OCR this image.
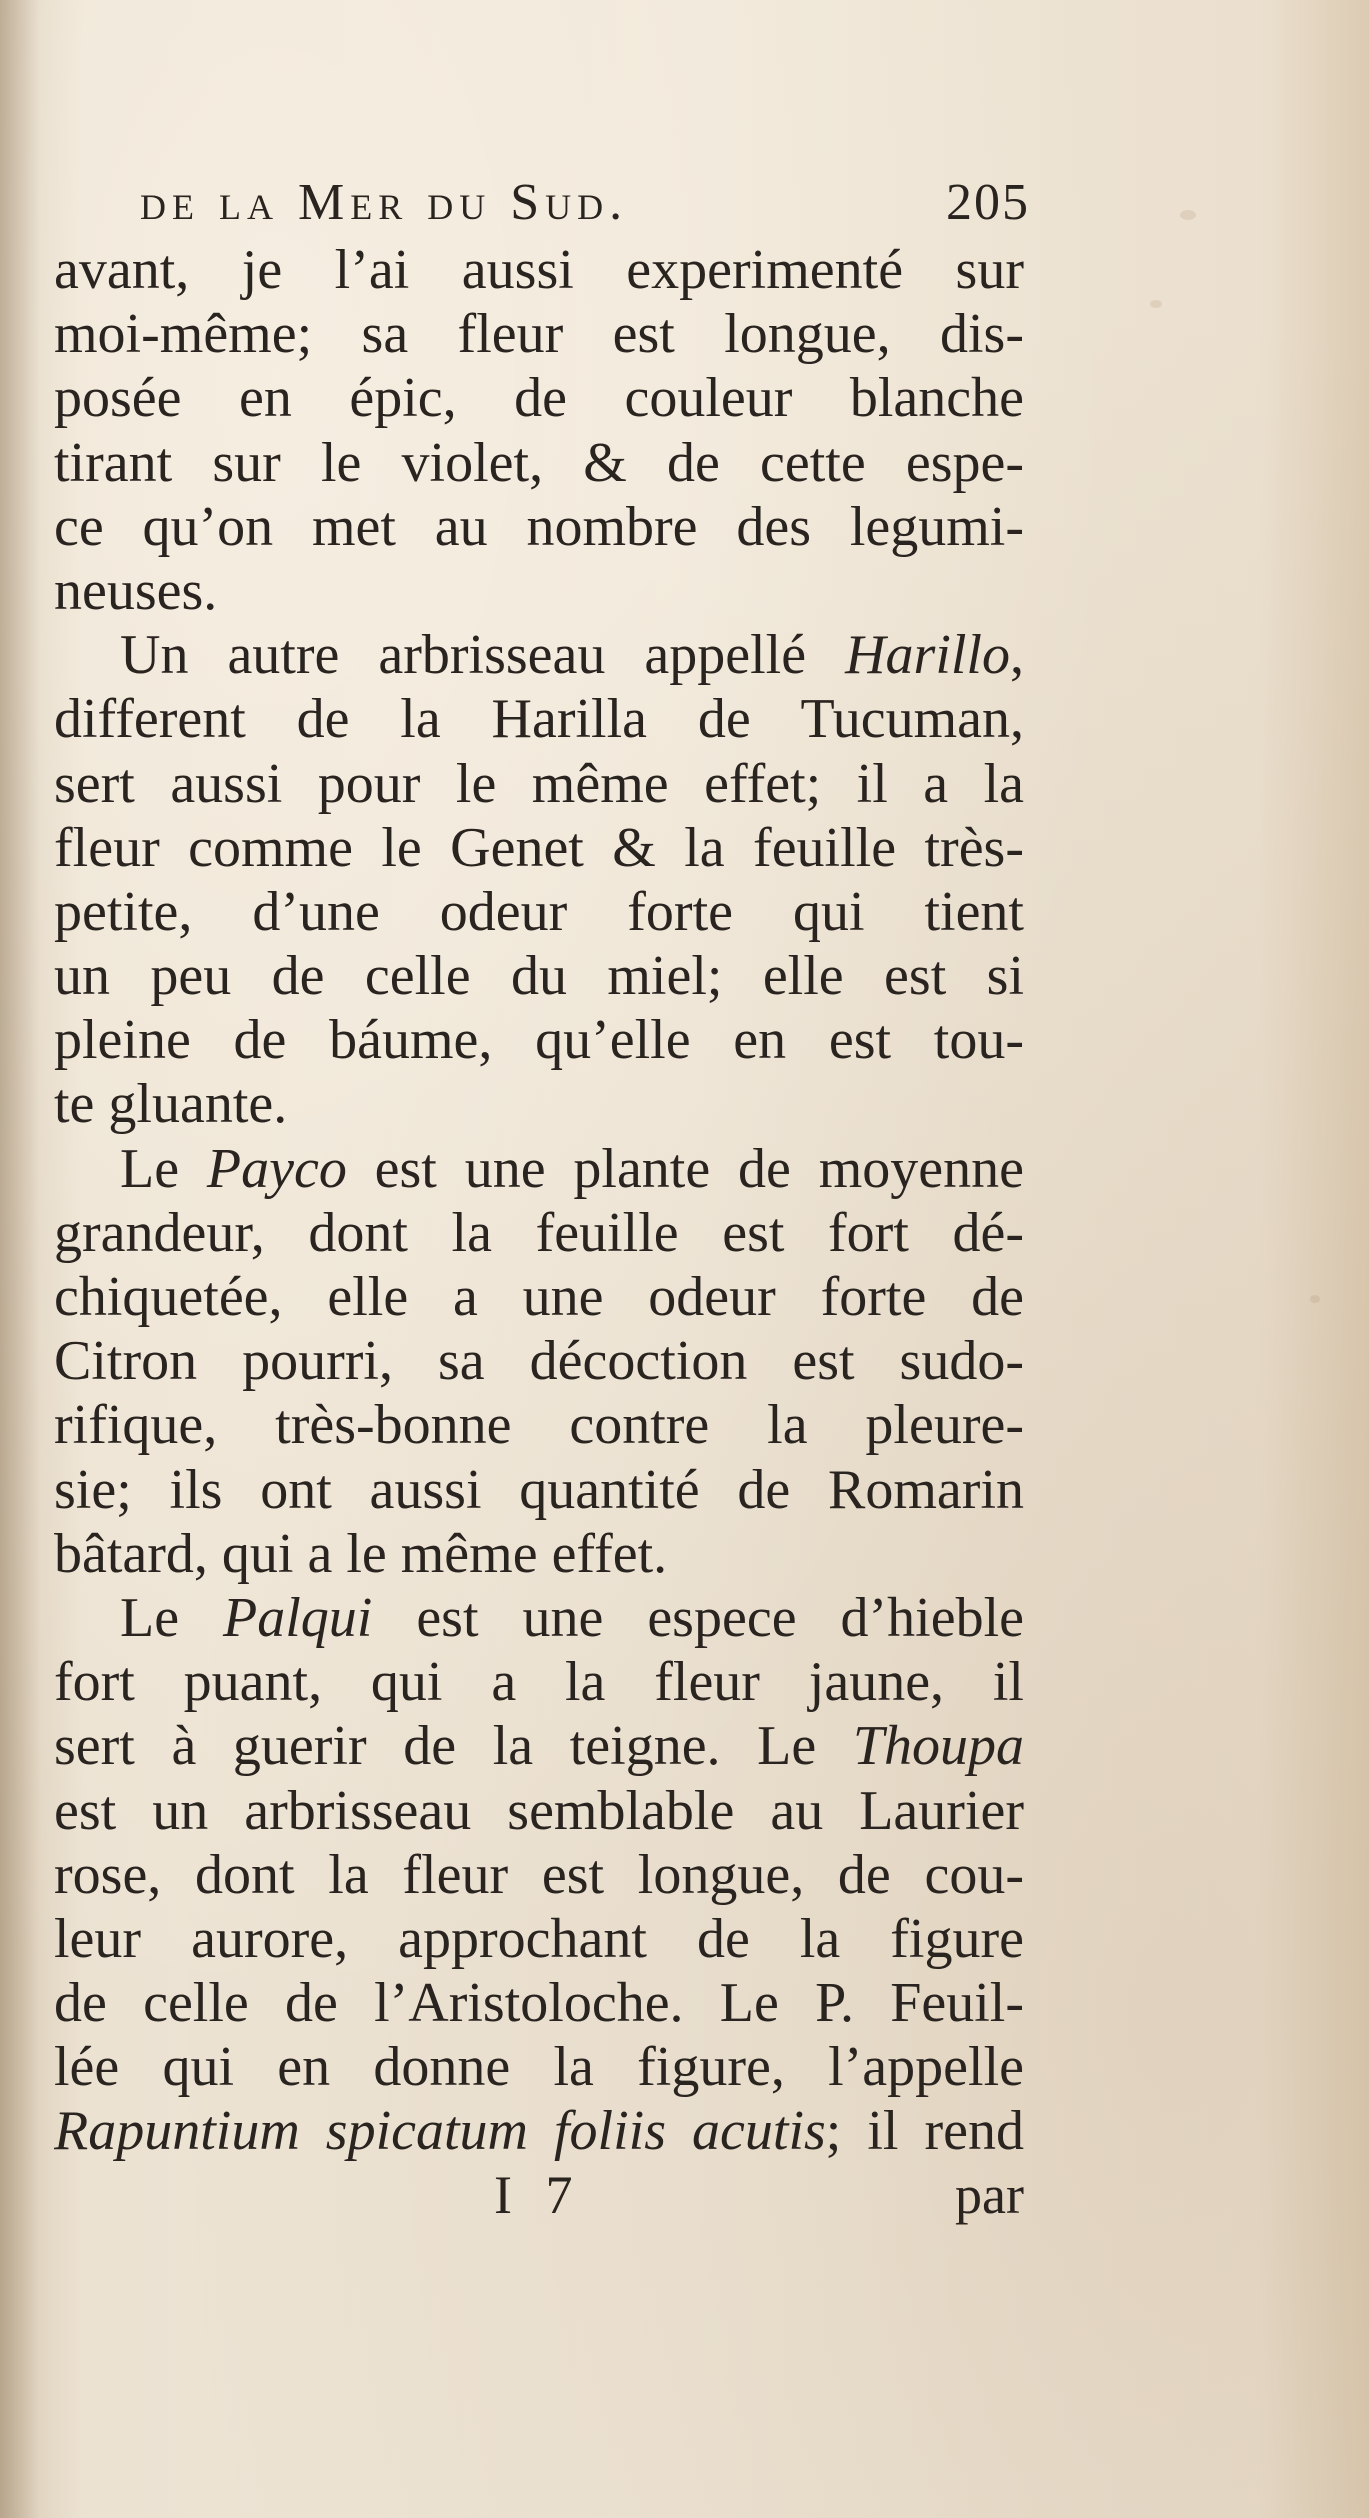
de la Mer du Sud.	205
avant, je l’ai aussi experimenté sur
moi-même; sa fleur est longue, dis-
posée en épic, de couleur blanche
tirant sur le violet, & de cette espe-
ce qu’on met au nombre des legumi-
neuses.
Un autre arbrisseau appellé Harillo,
different de la Harilla de Tucuman,
sert aussi pour le même effet; il a la
fleur comme le Genet & la feuille très-
petite, d’une odeur forte qui tient
un peu de celle du miel; elle est si
pleine de báume, qu’elle en est tou-
te gluante.
Le Payco est une plante de moyenne
grandeur, dont la feuille est fort dé-
chiquetée, elle a une odeur forte de
Citron pourri, sa décoction est sudo-
rifique, très-bonne contre la pleure-
sie; ils ont aussi quantité de Romarin
bâtard, qui a le même effet.
Le Palqui est une espece d’hieble
fort puant, qui a la fleur jaune, il
sert à guerir de la teigne. Le Thoupa
est un arbrisseau semblable au Laurier
rose, dont la fleur est longue, de cou-
leur aurore, approchant de la figure
de celle de l’Aristoloche. Le P. Feuil-
lée qui en donne la figure, l’appelle
Rapuntium spicatum foliis acutis; il rend
I 7	par
